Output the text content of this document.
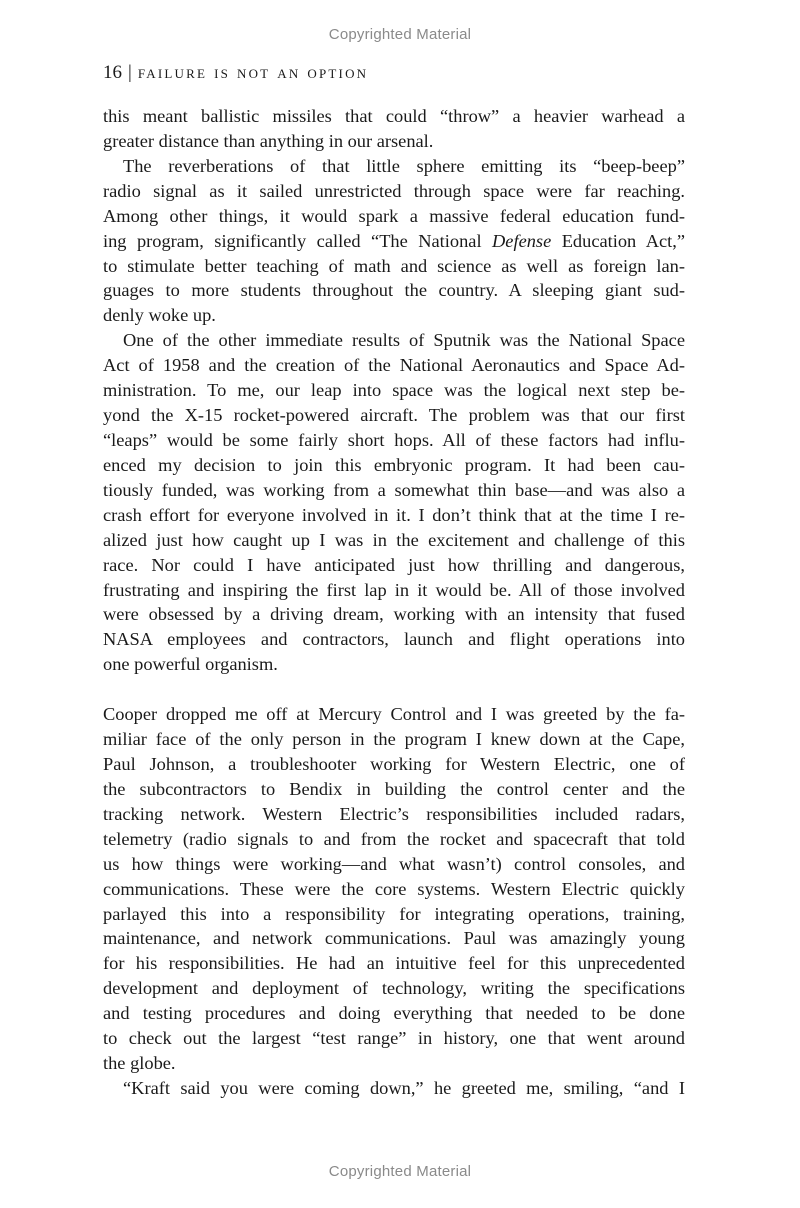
Copyrighted Material
16 | failure is not an option
this meant ballistic missiles that could “throw” a heavier warhead a
greater distance than anything in our arsenal.
The reverberations of that little sphere emitting its “beep-beep”
radio signal as it sailed unrestricted through space were far reaching.
Among other things, it would spark a massive federal education fund-
ing program, significantly called “The National Defense Education Act,”
to stimulate better teaching of math and science as well as foreign lan-
guages to more students throughout the country. A sleeping giant sud-
denly woke up.
One of the other immediate results of Sputnik was the National Space
Act of 1958 and the creation of the National Aeronautics and Space Ad-
ministration. To me, our leap into space was the logical next step be-
yond the X-15 rocket-powered aircraft. The problem was that our first
“leaps” would be some fairly short hops. All of these factors had influ-
enced my decision to join this embryonic program. It had been cau-
tiously funded, was working from a somewhat thin base—and was also a
crash effort for everyone involved in it. I don’t think that at the time I re-
alized just how caught up I was in the excitement and challenge of this
race. Nor could I have anticipated just how thrilling and dangerous,
frustrating and inspiring the first lap in it would be. All of those involved
were obsessed by a driving dream, working with an intensity that fused
NASA employees and contractors, launch and flight operations into
one powerful organism.
Cooper dropped me off at Mercury Control and I was greeted by the fa-
miliar face of the only person in the program I knew down at the Cape,
Paul Johnson, a troubleshooter working for Western Electric, one of
the subcontractors to Bendix in building the control center and the
tracking network. Western Electric’s responsibilities included radars,
telemetry (radio signals to and from the rocket and spacecraft that told
us how things were working—and what wasn’t) control consoles, and
communications. These were the core systems. Western Electric quickly
parlayed this into a responsibility for integrating operations, training,
maintenance, and network communications. Paul was amazingly young
for his responsibilities. He had an intuitive feel for this unprecedented
development and deployment of technology, writing the specifications
and testing procedures and doing everything that needed to be done
to check out the largest “test range” in history, one that went around
the globe.
“Kraft said you were coming down,” he greeted me, smiling, “and I
Copyrighted Material
